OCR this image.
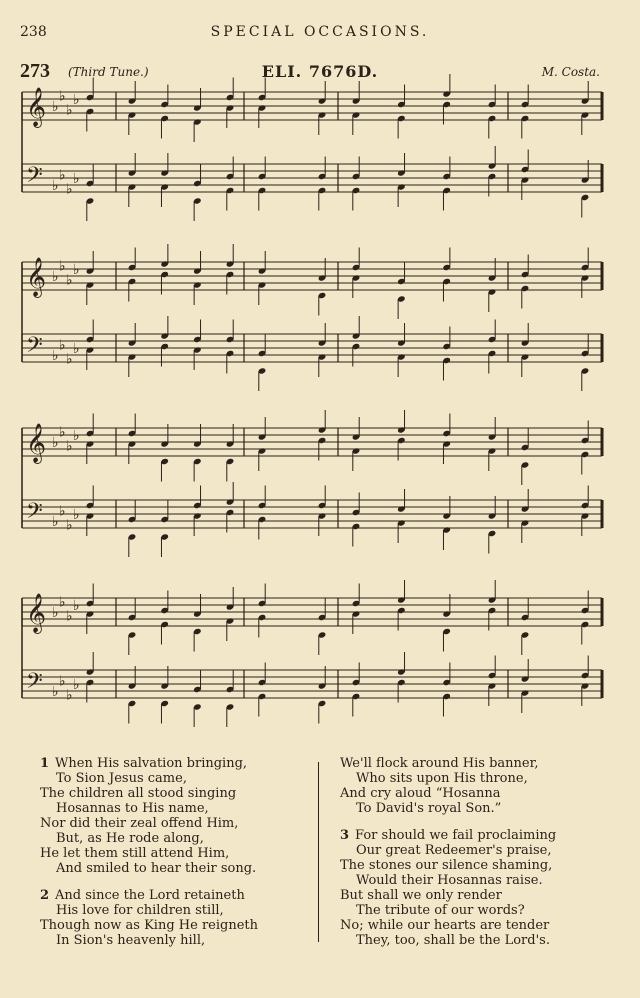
238	SPECIAL OCCASIONS.
273 (Third Tune.)	ELI. 7676D.	M. Costa.
𝄞 ♭
♭
♭
♭
𝄢 ♭
♭
♭
♭
𝄞 ♭
♭
♭
♭
𝄢 ♭
♭
♭
♭
𝄞 ♭
♭
♭
♭
𝄢 ♭
♭
♭
♭
𝄞 ♭
♭
♭
♭
𝄢 ♭
♭
♭
♭
1 When His salvation bringing,
To Sion Jesus came,
The children all stood singing
Hosannas to His name,
Nor did their zeal offend Him,
But, as He rode along,
He let them still attend Him,
And smiled to hear their song.
2 And since the Lord retaineth
His love for children still,
Though now as King He reigneth
In Sion's heavenly hill,
We'll flock around His banner,
Who sits upon His throne,
And cry aloud “Hosanna
To David's royal Son.”
3 For should we fail proclaiming
Our great Redeemer's praise,
The stones our silence shaming,
Would their Hosannas raise.
But shall we only render
The tribute of our words?
No; while our hearts are tender
They, too, shall be the Lord's.
